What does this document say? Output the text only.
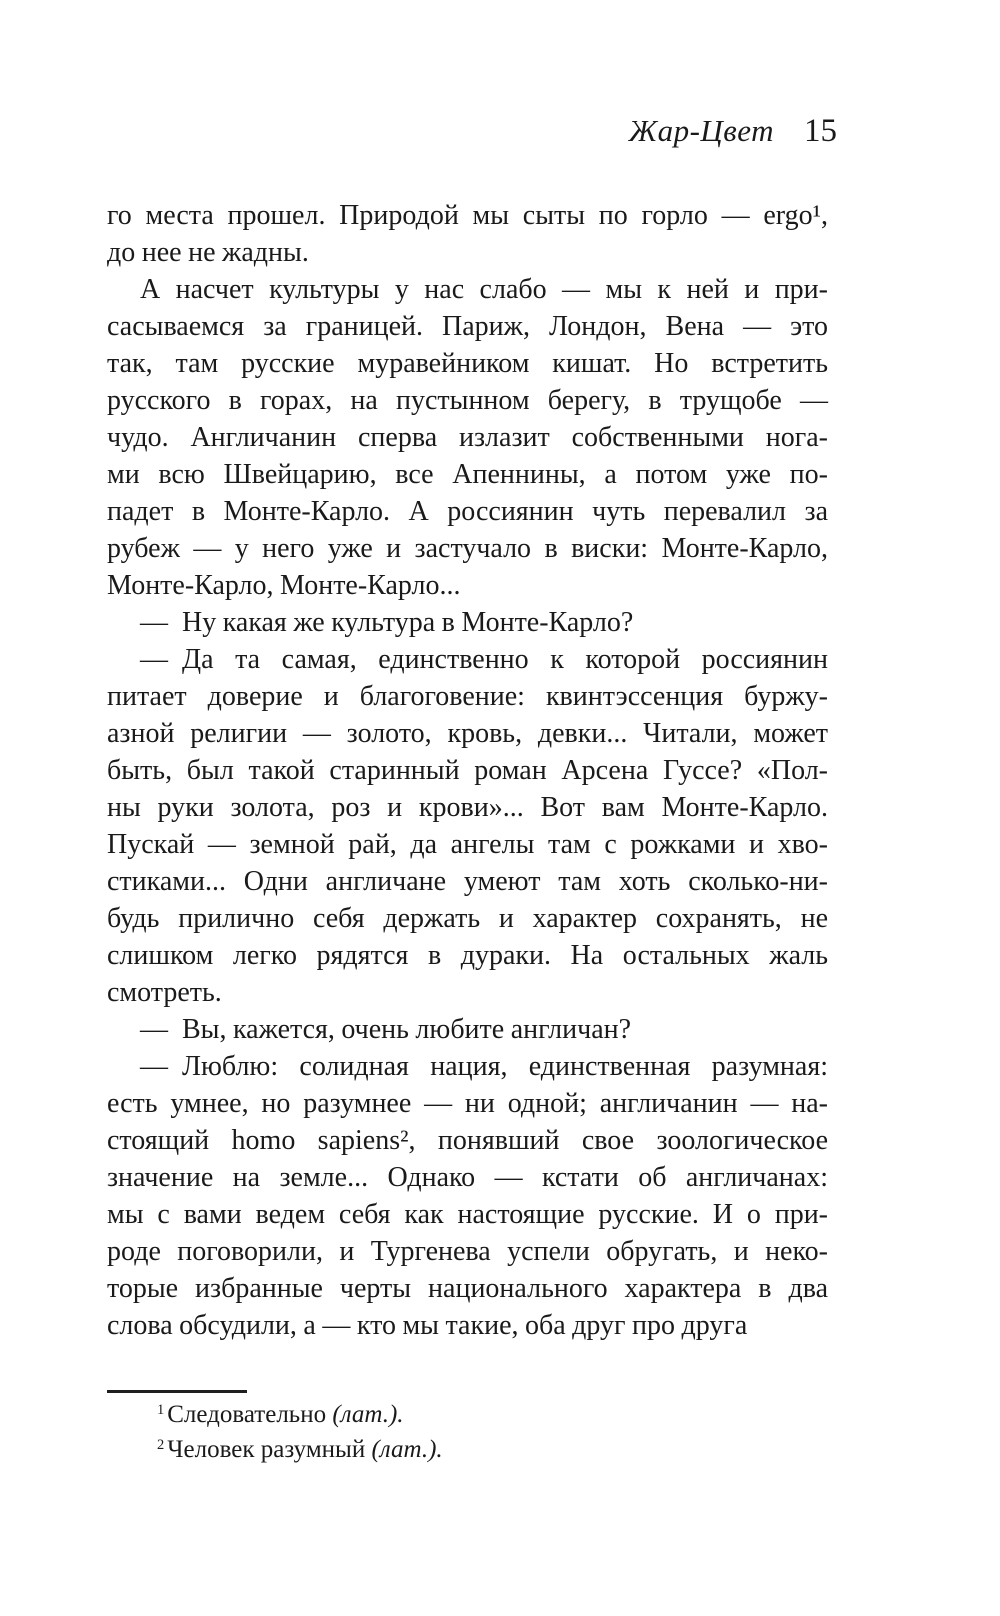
Жар-Цвет 15
го места прошел. Природой мы сыты по горло — ergo¹,
до нее не жадны.
А насчет культуры у нас слабо — мы к ней и при-
сасываемся за границей. Париж, Лондон, Вена — это
так, там русские муравейником кишат. Но встретить
русского в горах, на пустынном берегу, в трущобе —
чудо. Англичанин сперва излазит собственными нога-
ми всю Швейцарию, все Апеннины, а потом уже по-
падет в Монте-Карло. А россиянин чуть перевалил за
рубеж — у него уже и застучало в виски: Монте-Карло,
Монте-Карло, Монте-Карло...
— Ну какая же культура в Монте-Карло?
— Да та самая, единственно к которой россиянин
питает доверие и благоговение: квинтэссенция буржу-
азной религии — золото, кровь, девки... Читали, может
быть, был такой старинный роман Арсена Гуссе? «Пол-
ны руки золота, роз и крови»... Вот вам Монте-Карло.
Пускай — земной рай, да ангелы там с рожками и хво-
стиками... Одни англичане умеют там хоть сколько-ни-
будь прилично себя держать и характер сохранять, не
слишком легко рядятся в дураки. На остальных жаль
смотреть.
— Вы, кажется, очень любите англичан?
— Люблю: солидная нация, единственная разумная:
есть умнее, но разумнее — ни одной; англичанин — на-
стоящий homo sapiens², понявший свое зоологическое
значение на земле... Однако — кстати об англичанах:
мы с вами ведем себя как настоящие русские. И о при-
роде поговорили, и Тургенева успели обругать, и неко-
торые избранные черты национального характера в два
слова обсудили, а — кто мы такие, оба друг про друга
$^1$ Следовательно (лат.).
$^2$ Человек разумный (лат.).
